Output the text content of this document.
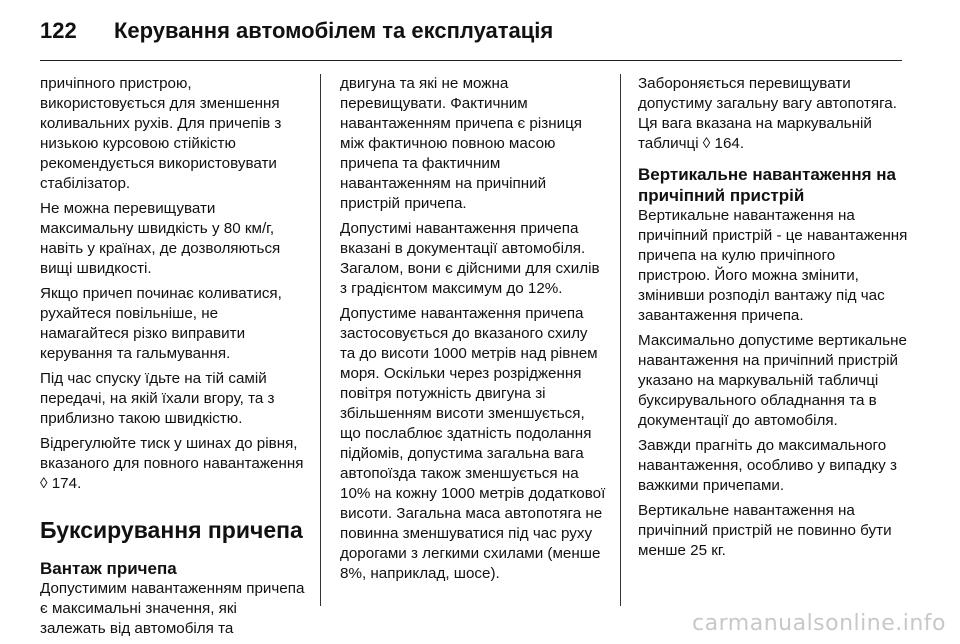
122	Керування автомобілем та експлуатація

причіпного пристрою, використовується для зменшення коливальних рухів. Для причепів з низькою курсовою стійкістю рекомендується використовувати стабілізатор.

Не можна перевищувати максимальну швидкість у 80 км/г, навіть у країнах, де дозволяються вищі швидкості.

Якщо причеп починає коливатися, рухайтеся повільніше, не намагайтеся різко виправити керування та гальмування.

Під час спуску їдьте на тій самій передачі, на якій їхали вгору, та з приблизно такою швидкістю.

Відрегулюйте тиск у шинах до рівня, вказаного для повного навантаження ◊ 174.

Буксирування причепа
Вантаж причепа

Допустимим навантаженням причепа є максимальні значення, які залежать від автомобіля та

двигуна та які не можна перевищувати. Фактичним навантаженням причепа є різниця між фактичною повною масою причепа та фактичним навантаженням на причіпний пристрій причепа.

Допустимі навантаження причепа вказані в документації автомобіля. Загалом, вони є дійсними для схилів з градієнтом максимум до 12%.

Допустиме навантаження причепа застосовується до вказаного схилу та до висоти 1000 метрів над рівнем моря. Оскільки через розрідження повітря потужність двигуна зі збільшенням висоти зменшується, що послаблює здатність подолання підйомів, допустима загальна вага автопоїзда також зменшується на 10% на кожну 1000 метрів додаткової висоти. Загальна маса автопотяга не повинна зменшуватися під час руху дорогами з легкими схилами (менше 8%, наприклад, шосе).

Забороняється перевищувати допустиму загальну вагу автопотяга. Ця вага вказана на маркувальній табличці ◊ 164.

Вертикальне навантаження на причіпний пристрій

Вертикальне навантаження на причіпний пристрій - це навантаження причепа на кулю причіпного пристрою. Його можна змінити, змінивши розподіл вантажу під час завантаження причепа.

Максимально допустиме вертикальне навантаження на причіпний пристрій указано на маркувальній табличці буксирувального обладнання та в документації до автомобіля.

Завжди прагніть до максимального навантаження, особливо у випадку з важкими причепами.

Вертикальне навантаження на причіпний пристрій не повинно бути менше 25 кг.

carmanualsonline.info
